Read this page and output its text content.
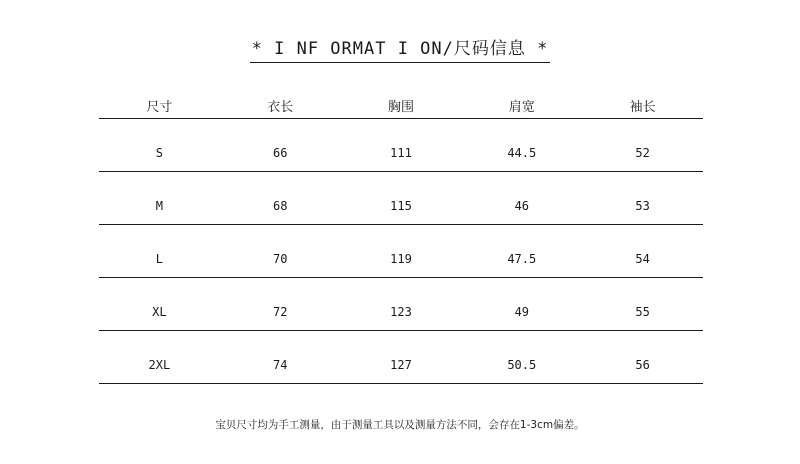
* I NF ORMAT I ON/尺码信息 *
尺寸	衣长	胸围	肩宽	袖长
S	66	111	44.5	52
M	68	115	46	53
L	70	119	47.5	54
XL	72	123	49	55
2XL	74	127	50.5	56
宝贝尺寸均为手工测量，由于测量工具以及测量方法不同，会存在1-3cm偏差。
